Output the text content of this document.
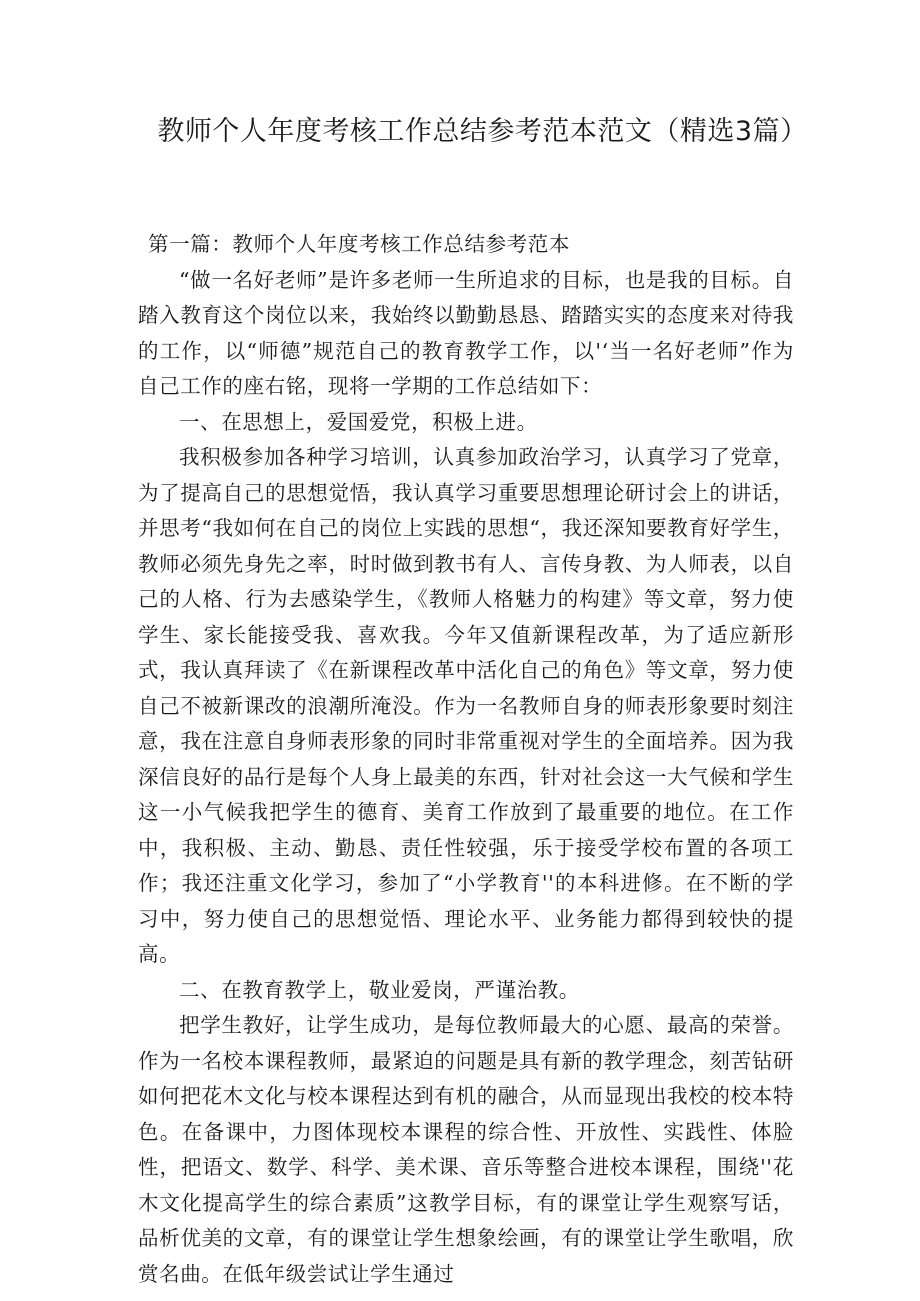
教师个人年度考核工作总结参考范本范文（精选3篇）

第一篇：教师个人年度考核工作总结参考范本

“做一名好老师”是许多老师一生所追求的目标，也是我的目标。自踏入教育这个岗位以来，我始终以勤勤恳恳、踏踏实实的态度来对待我的工作，以“师德”规范自己的教育教学工作，以'‘当一名好老师”作为自己工作的座右铭，现将一学期的工作总结如下：

一、在思想上，爱国爱党，积极上进。

我积极参加各种学习培训，认真参加政治学习，认真学习了党章，为了提高自己的思想觉悟，我认真学习重要思想理论研讨会上的讲话，并思考“我如何在自己的岗位上实践的思想“，我还深知要教育好学生，教师必须先身先之率，时时做到教书有人、言传身教、为人师表，以自己的人格、行为去感染学生，《教师人格魅力的构建》等文章，努力使学生、家长能接受我、喜欢我。今年又值新课程改革，为了适应新形式，我认真拜读了《在新课程改革中活化自己的角色》等文章，努力使自己不被新课改的浪潮所淹没。作为一名教师自身的师表形象要时刻注意，我在注意自身师表形象的同时非常重视对学生的全面培养。因为我深信良好的品行是每个人身上最美的东西，针对社会这一大气候和学生这一小气候我把学生的德育、美育工作放到了最重要的地位。在工作中，我积极、主动、勤恳、责任性较强，乐于接受学校布置的各项工作；我还注重文化学习，参加了“小学教育''的本科进修。在不断的学习中，努力使自己的思想觉悟、理论水平、业务能力都得到较快的提高。

二、在教育教学上，敬业爱岗，严谨治教。

把学生教好，让学生成功，是每位教师最大的心愿、最高的荣誉。作为一名校本课程教师，最紧迫的问题是具有新的教学理念，刻苦钻研如何把花木文化与校本课程达到有机的融合，从而显现出我校的校本特色。在备课中，力图体现校本课程的综合性、开放性、实践性、体脸性，把语文、数学、科学、美术课、音乐等整合进校本课程，围绕''花木文化提高学生的综合素质”这教学目标，有的课堂让学生观察写话，品析优美的文章，有的课堂让学生想象绘画，有的课堂让学生歌唱，欣赏名曲。在低年级尝试让学生通过
